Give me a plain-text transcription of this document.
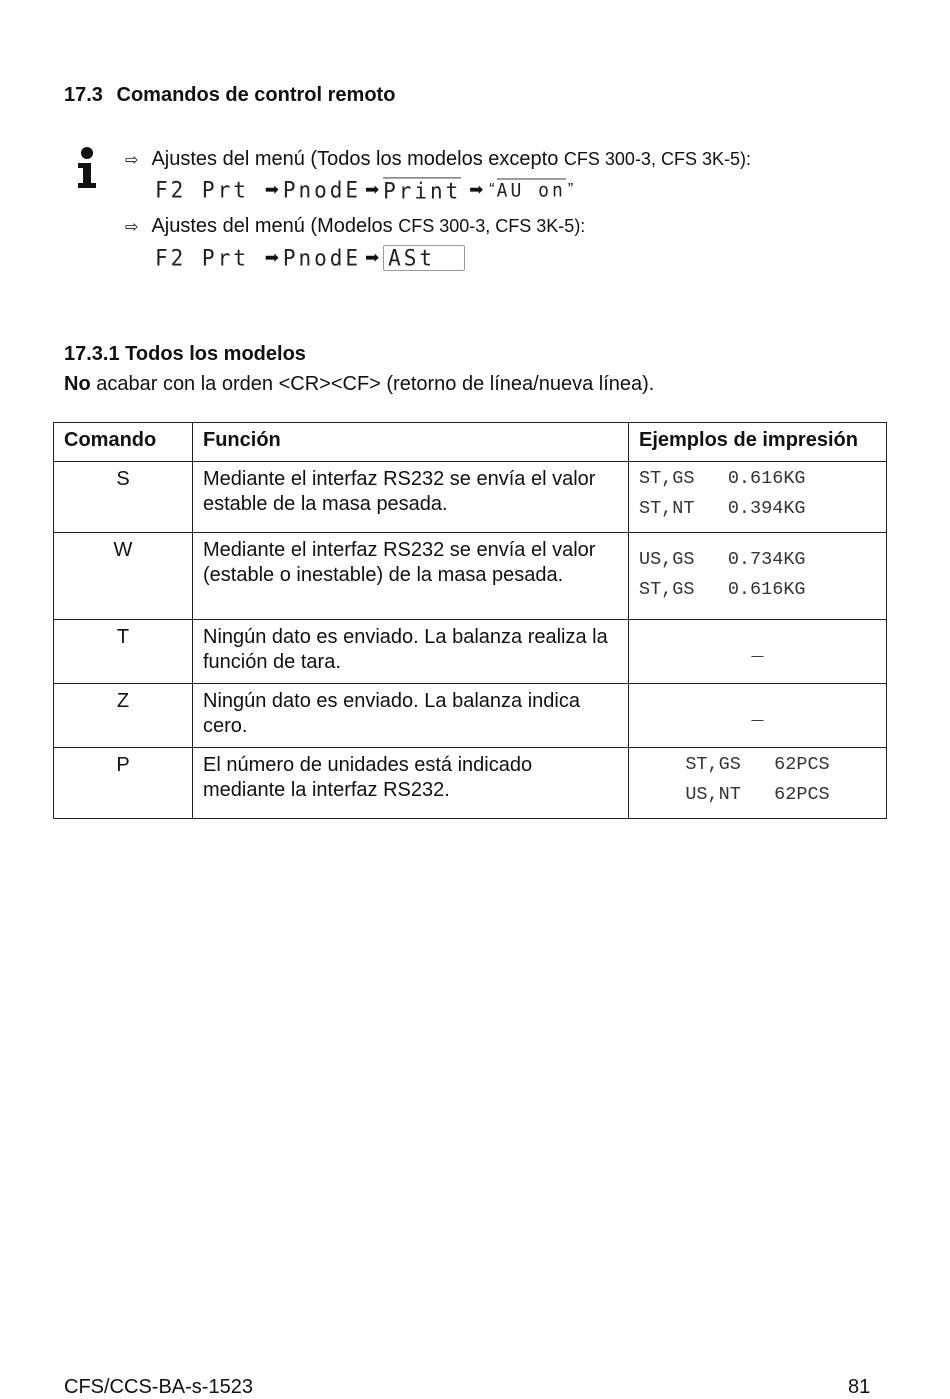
17.3 Comandos de control remoto
⇨ Ajustes del menú (Todos los modelos excepto CFS 300-3, CFS 3K-5):
F2 Prt ➡ PnodE ➡ Print ➡ “ AU on ”
⇨ Ajustes del menú (Modelos CFS 300-3, CFS 3K-5):
F2 Prt ➡ PnodE ➡ ASt
17.3.1 Todos los modelos
No acabar con la orden <CR><CF> (retorno de línea/nueva línea).
Comando	Función	Ejemplos de impresión
S	Mediante el interfaz RS232 se envía el valor estable de la masa pesada.	ST,GS   0.616KG
ST,NT   0.394KG

W	Mediante el interfaz RS232 se envía el valor (estable o inestable) de la masa pesada.	US,GS   0.734KG
ST,GS   0.616KG

T	Ningún dato es enviado. La balanza realiza la función de tara.	_
Z	Ningún dato es enviado. La balanza indica cero.	_
P	El número de unidades está indicado mediante la interfaz RS232.	ST,GS   62PCS
US,NT   62PCS
CFS/CCS-BA-s-1523	81
